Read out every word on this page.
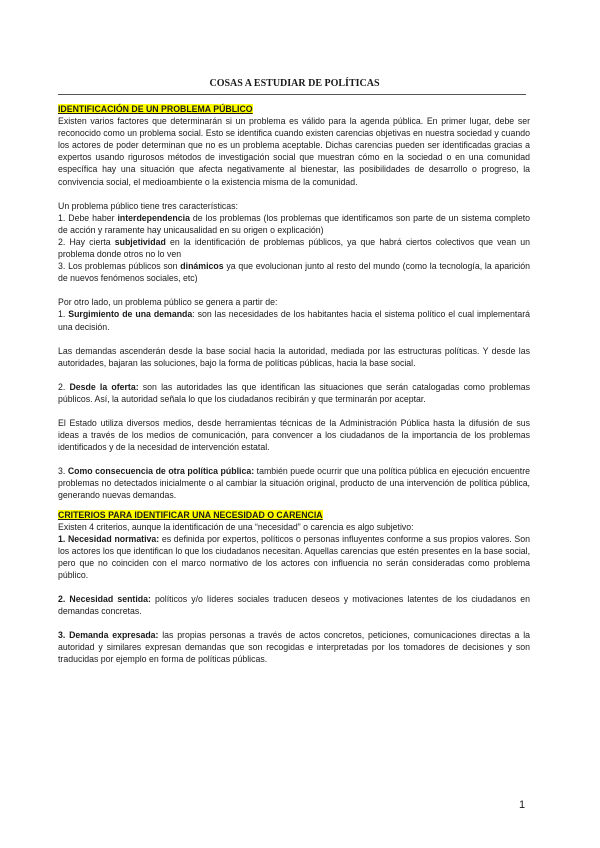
COSAS A ESTUDIAR DE POLÍTICAS

IDENTIFICACIÓN DE UN PROBLEMA PÚBLICO

Existen varios factores que determinarán si un problema es válido para la agenda pública. En primer lugar, debe ser reconocido como un problema social. Esto se identifica cuando existen carencias objetivas en nuestra sociedad y cuando los actores de poder determinan que no es un problema aceptable. Dichas carencias pueden ser identificadas gracias a expertos usando rigurosos métodos de investigación social que muestran cómo en la sociedad o en una comunidad específica hay una situación que afecta negativamente al bienestar, las posibilidades de desarrollo o progreso, la convivencia social, el medioambiente o la existencia misma de la comunidad.

Un problema público tiene tres características:

1. Debe haber interdependencia de los problemas (los problemas que identificamos son parte de un sistema completo de acción y raramente hay unicausalidad en su origen o explicación)

2. Hay cierta subjetividad en la identificación de problemas públicos, ya que habrá ciertos colectivos que vean un problema donde otros no lo ven

3. Los problemas públicos son dinámicos ya que evolucionan junto al resto del mundo (como la tecnología, la aparición de nuevos fenómenos sociales, etc)

Por otro lado, un problema público se genera a partir de:

1. Surgimiento de una demanda: son las necesidades de los habitantes hacia el sistema político el cual implementará una decisión.

Las demandas ascenderán desde la base social hacia la autoridad, mediada por las estructuras políticas. Y desde las autoridades, bajaran las soluciones, bajo la forma de políticas públicas, hacia la base social.

2. Desde la oferta: son las autoridades las que identifican las situaciones que serán catalogadas como problemas públicos. Así, la autoridad señala lo que los ciudadanos recibirán y que terminarán por aceptar.

El Estado utiliza diversos medios, desde herramientas técnicas de la Administración Pública hasta la difusión de sus ideas a través de los medios de comunicación, para convencer a los ciudadanos de la importancia de los problemas identificados y de la necesidad de intervención estatal.

3. Como consecuencia de otra política pública: también puede ocurrir que una política pública en ejecución encuentre problemas no detectados inicialmente o al cambiar la situación original, producto de una intervención de política pública, generando nuevas demandas.

CRITERIOS PARA IDENTIFICAR UNA NECESIDAD O CARENCIA

Existen 4 criterios, aunque la identificación de una “necesidad” o carencia es algo subjetivo:

1. Necesidad normativa: es definida por expertos, políticos o personas influyentes conforme a sus propios valores. Son los actores los que identifican lo que los ciudadanos necesitan. Aquellas carencias que estén presentes en la base social, pero que no coinciden con el marco normativo de los actores con influencia no serán consideradas como problema público.

2. Necesidad sentida: políticos y/o líderes sociales traducen deseos y motivaciones latentes de los ciudadanos en demandas concretas.

3. Demanda expresada: las propias personas a través de actos concretos, peticiones, comunicaciones directas a la autoridad y similares expresan demandas que son recogidas e interpretadas por los tomadores de decisiones y son traducidas por ejemplo en forma de políticas públicas.

1
